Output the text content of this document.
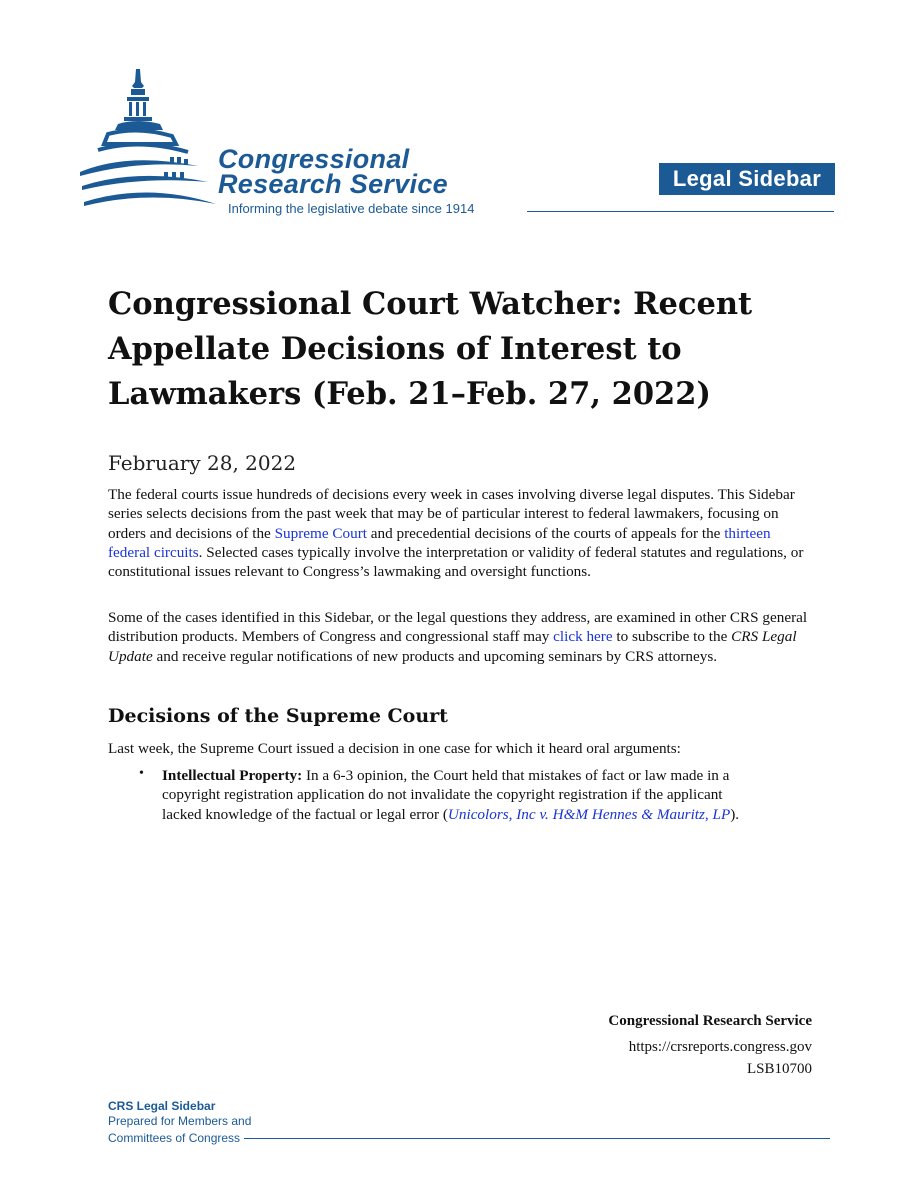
Congressional
Research Service
Informing the legislative debate since 1914
Legal Sidebar
Congressional Court Watcher: Recent Appellate Decisions of Interest to Lawmakers (Feb. 21–Feb. 27, 2022)
February 28, 2022

The federal courts issue hundreds of decisions every week in cases involving diverse legal disputes. This Sidebar series selects decisions from the past week that may be of particular interest to federal lawmakers, focusing on orders and decisions of the Supreme Court and precedential decisions of the courts of appeals for the thirteen federal circuits. Selected cases typically involve the interpretation or validity of federal statutes and regulations, or constitutional issues relevant to Congress’s lawmaking and oversight functions.

Some of the cases identified in this Sidebar, or the legal questions they address, are examined in other CRS general distribution products. Members of Congress and congressional staff may click here to subscribe to the CRS Legal Update and receive regular notifications of new products and upcoming seminars by CRS attorneys.

Decisions of the Supreme Court

Last week, the Supreme Court issued a decision in one case for which it heard oral arguments:

• Intellectual Property: In a 6-3 opinion, the Court held that mistakes of fact or law made in a copyright registration application do not invalidate the copyright registration if the applicant lacked knowledge of the factual or legal error (Unicolors, Inc v. H&M Hennes & Mauritz, LP).

Congressional Research Service
https://crsreports.congress.gov
LSB10700
CRS Legal Sidebar
Prepared for Members and
Committees of Congress
